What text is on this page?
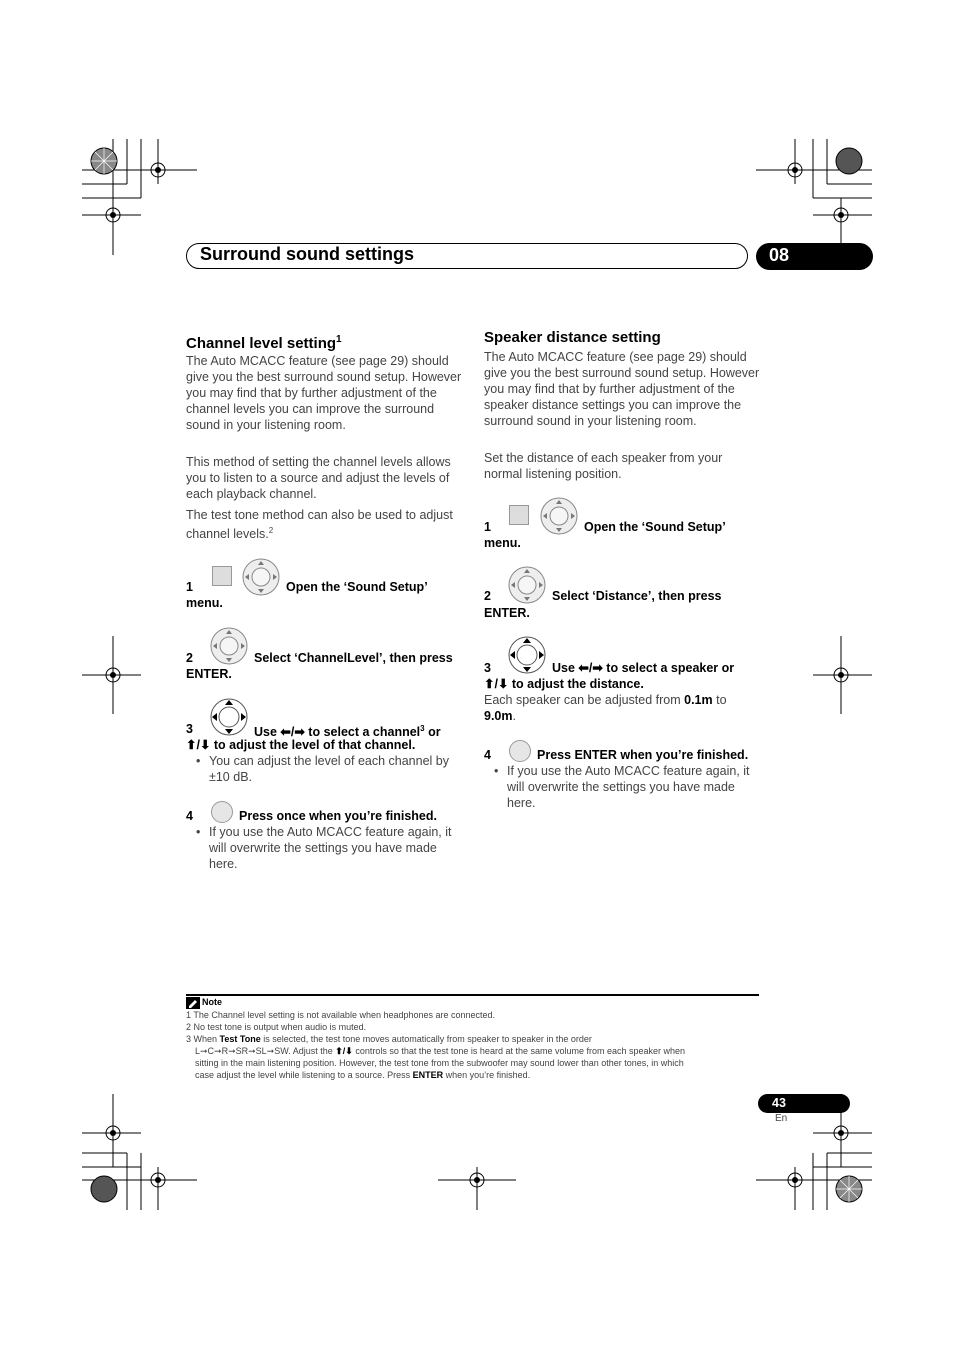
Surround sound settings	08
Channel level setting$^1$

The Auto MCACC feature (see page 29) should give you the best surround sound setup. However you may find that by further adjustment of the channel levels you can improve the surround sound in your listening room.

This method of setting the channel levels allows you to listen to a source and adjust the levels of each playback channel.

The test tone method can also be used to adjust channel levels.$^2$

1	Open the ‘Sound Setup’
menu.
2	Select ‘ChannelLevel’, then press
ENTER.
3	Use ⬅/➡ to select a channel$^3$ or
⬆/⬇ to adjust the level of that channel.
• You can adjust the level of each channel by ±10 dB.
4	Press once when you’re finished.
• If you use the Auto MCACC feature again, it will overwrite the settings you have made here.
Speaker distance setting

The Auto MCACC feature (see page 29) should give you the best surround sound setup. However you may find that by further adjustment of the speaker distance settings you can improve the surround sound in your listening room.

Set the distance of each speaker from your normal listening position.

1	Open the ‘Sound Setup’
menu.
2	Select ‘Distance’, then press
ENTER.
3	Use ⬅/➡ to select a speaker or
⬆/⬇ to adjust the distance.
Each speaker can be adjusted from 0.1m to
9.0m.
4	Press ENTER when you’re finished.
• If you use the Auto MCACC feature again, it will overwrite the settings you have made here.
Note
1 The Channel level setting is not available when headphones are connected.
2 No test tone is output when audio is muted.
3 When Test Tone is selected, the test tone moves automatically from speaker to speaker in the order
L➞C➞R➞SR➞SL➞SW. Adjust the ⬆/⬇ controls so that the test tone is heard at the same volume from each speaker when
sitting in the main listening position. However, the test tone from the subwoofer may sound lower than other tones, in which
case adjust the level while listening to a source. Press ENTER when you’re finished.
43
En
